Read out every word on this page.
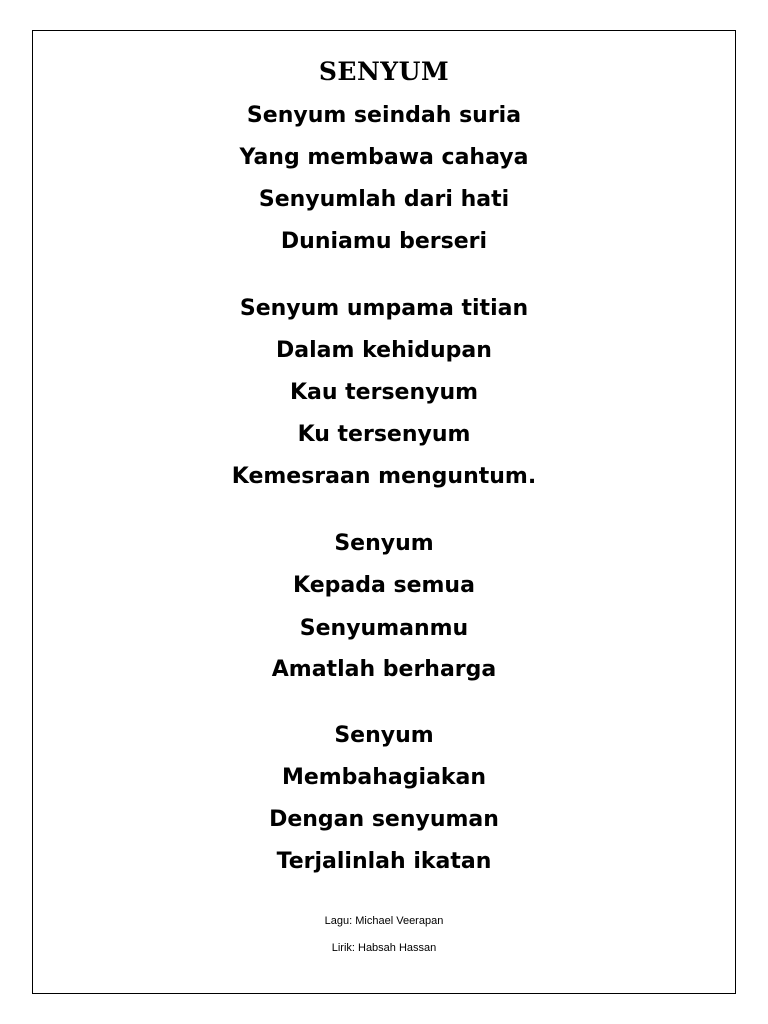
SENYUM
Senyum seindah suria
Yang membawa cahaya
Senyumlah dari hati
Duniamu berseri
Senyum umpama titian
Dalam kehidupan
Kau tersenyum
Ku tersenyum
Kemesraan menguntum.
Senyum
Kepada semua
Senyumanmu
Amatlah berharga
Senyum
Membahagiakan
Dengan senyuman
Terjalinlah ikatan
Lagu: Michael Veerapan
Lirik: Habsah Hassan
